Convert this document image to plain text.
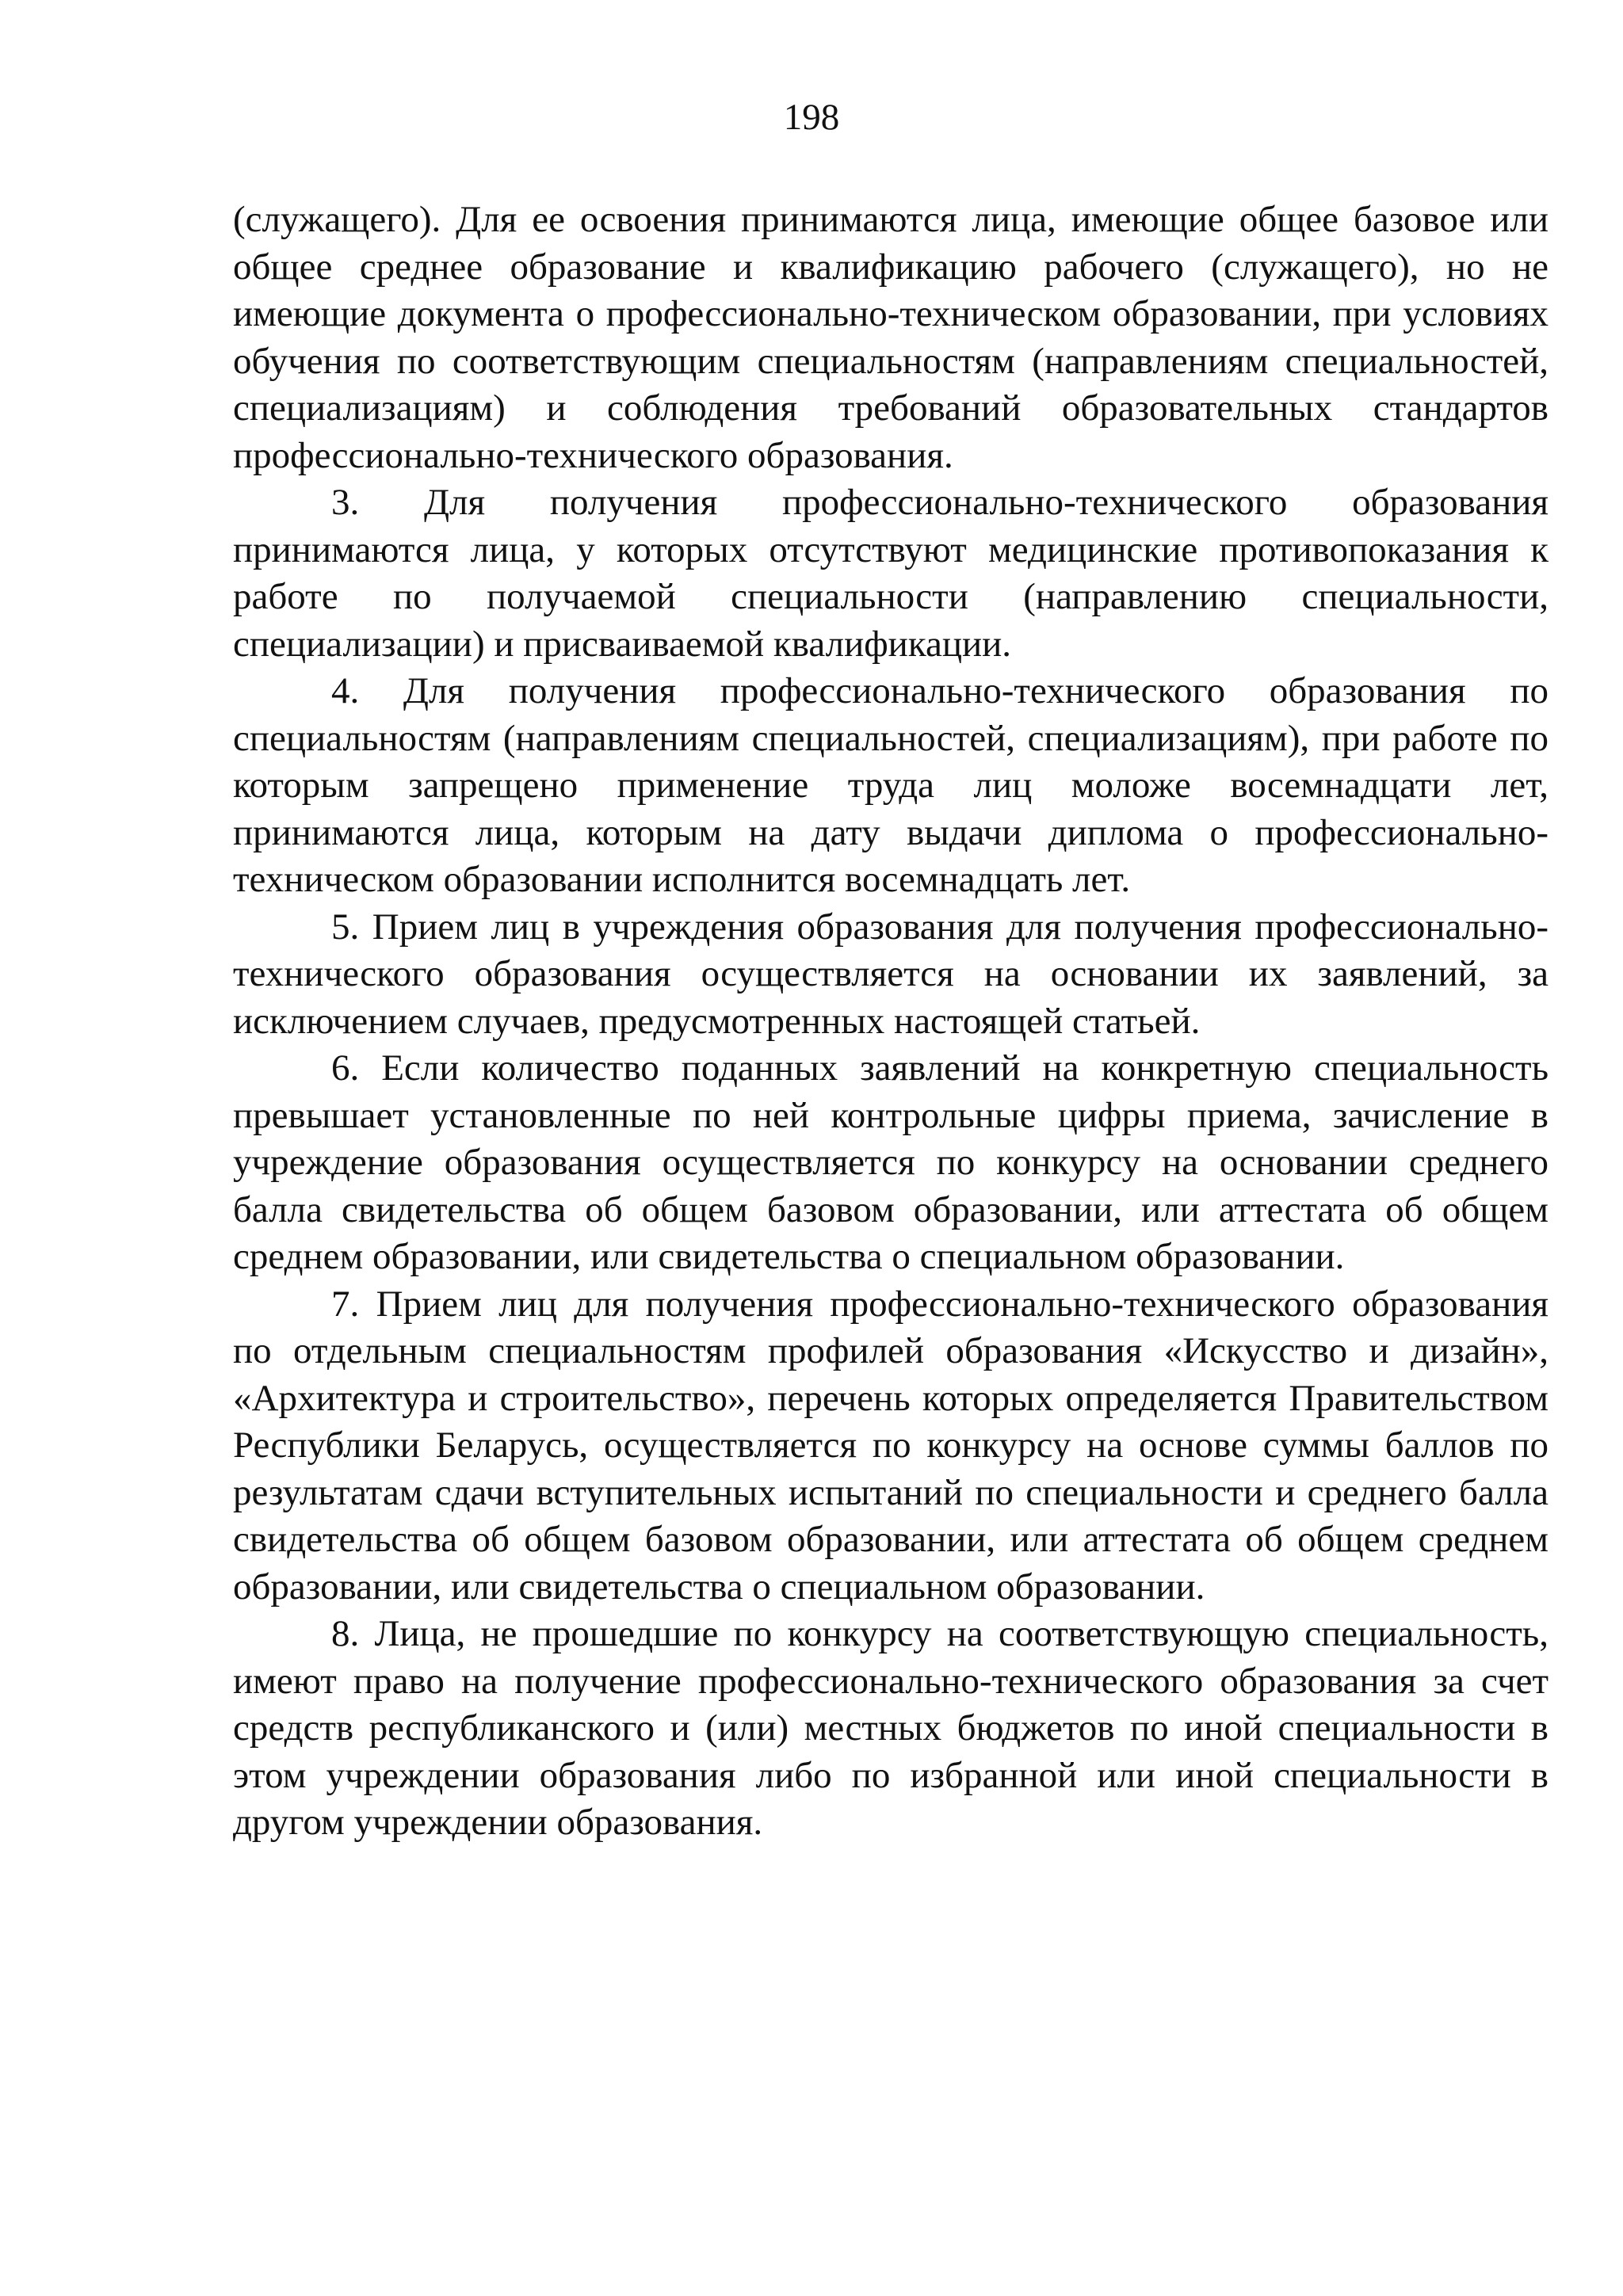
198

(служащего). Для ее освоения принимаются лица, имеющие общее базовое или общее среднее образование и квалификацию рабочего (служащего), но не имеющие документа о профессионально-техническом образовании, при условиях обучения по соответствующим специальностям (направлениям специальностей, специализациям) и соблюдения требований образовательных стандартов профессионально-технического образования.

3. Для получения профессионально-технического образования принимаются лица, у которых отсутствуют медицинские противопоказания к работе по получаемой специальности (направлению специальности, специализации) и присваиваемой квалификации.

4. Для получения профессионально-технического образования по специальностям (направлениям специальностей, специализациям), при работе по которым запрещено применение труда лиц моложе восемнадцати лет, принимаются лица, которым на дату выдачи диплома о профессионально-техническом образовании исполнится восемнадцать лет.

5. Прием лиц в учреждения образования для получения профессионально-технического образования осуществляется на основании их заявлений, за исключением случаев, предусмотренных настоящей статьей.

6. Если количество поданных заявлений на конкретную специальность превышает установленные по ней контрольные цифры приема, зачисление в учреждение образования осуществляется по конкурсу на основании среднего балла свидетельства об общем базовом образовании, или аттестата об общем среднем образовании, или свидетельства о специальном образовании.

7. Прием лиц для получения профессионально-технического образования по отдельным специальностям профилей образования «Искусство и дизайн», «Архитектура и строительство», перечень которых определяется Правительством Республики Беларусь, осуществляется по конкурсу на основе суммы баллов по результатам сдачи вступительных испытаний по специальности и среднего балла свидетельства об общем базовом образовании, или аттестата об общем среднем образовании, или свидетельства о специальном образовании.

8. Лица, не прошедшие по конкурсу на соответствующую специальность, имеют право на получение профессионально-технического образования за счет средств республиканского и (или) местных бюджетов по иной специальности в этом учреждении образования либо по избранной или иной специальности в другом учреждении образования.
